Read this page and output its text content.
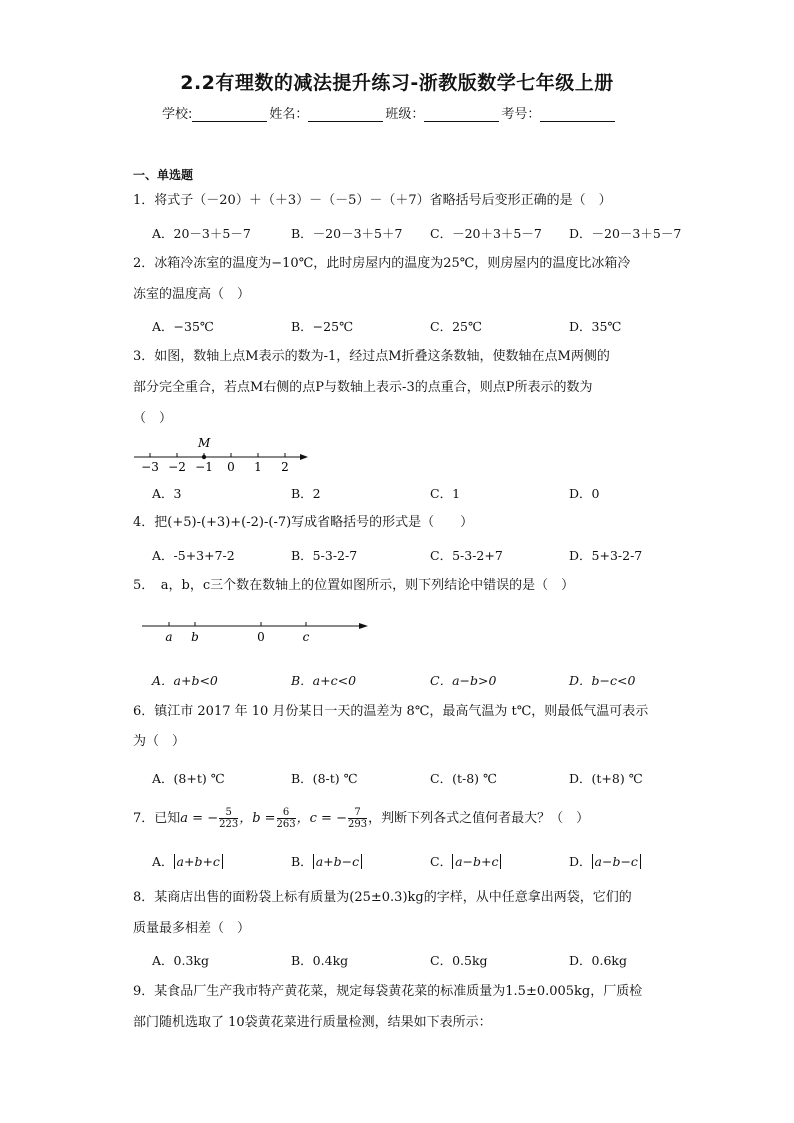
2.2有理数的减法提升练习-浙教版数学七年级上册
学校:	姓名：	班级：	考号：
一、单选题
1．将式子（－20）＋（＋3）－（－5）－（＋7）省略括号后变形正确的是（　）
A．20－3＋5－7	B．－20－3＋5＋7	C．－20＋3＋5－7	D．－20－3＋5－7
2．冰箱冷冻室的温度为−10℃，此时房屋内的温度为25℃，则房屋内的温度比冰箱冷
冻室的温度高（　）
A．−35℃	B．−25℃	C．25℃	D．35℃
3．如图，数轴上点M表示的数为-1，经过点M折叠这条数轴，使数轴在点M两侧的
部分完全重合，若点M右侧的点P与数轴上表示-3的点重合，则点P所表示的数为
（　）
M
−3 −2 −1 0 1 2
A．3	B．2	C．1	D．0
4．把(+5)-(+3)+(-2)-(-7)写成省略括号的形式是（　　）
A．-5+3+7-2	B．5-3-2-7	C．5-3-2+7	D．5+3-2-7
5．　a，b，c三个数在数轴上的位置如图所示，则下列结论中错误的是（　）
a b	0	c
A．a+b<0	B．a+c<0	C．a−b>0	D．b−c<0
6．镇江市 2017 年 10 月份某日一天的温差为 8℃，最高气温为 t℃，则最低气温可表示
为（　）
A．(8+t) ℃	B．(8-t) ℃	C．(t-8) ℃	D．(t+8) ℃
7．已知a = − $\frac{5}{223}$ ，$b = \frac{6}{263}$ ，c = − $\frac{7}{293}$ ，判断下列各式之值何者最大？（　）
A． a+b+c	B． a+b−c	C． a−b+c	D． a−b−c
8．某商店出售的面粉袋上标有质量为(25±0.3)kg的字样，从中任意拿出两袋，它们的
质量最多相差（　）
A．0.3kg	B．0.4kg	C．0.5kg	D．0.6kg
9．某食品厂生产我市特产黄花菜，规定每袋黄花菜的标准质量为1.5±0.005kg，厂质检
部门随机选取了 10袋黄花菜进行质量检测，结果如下表所示：
